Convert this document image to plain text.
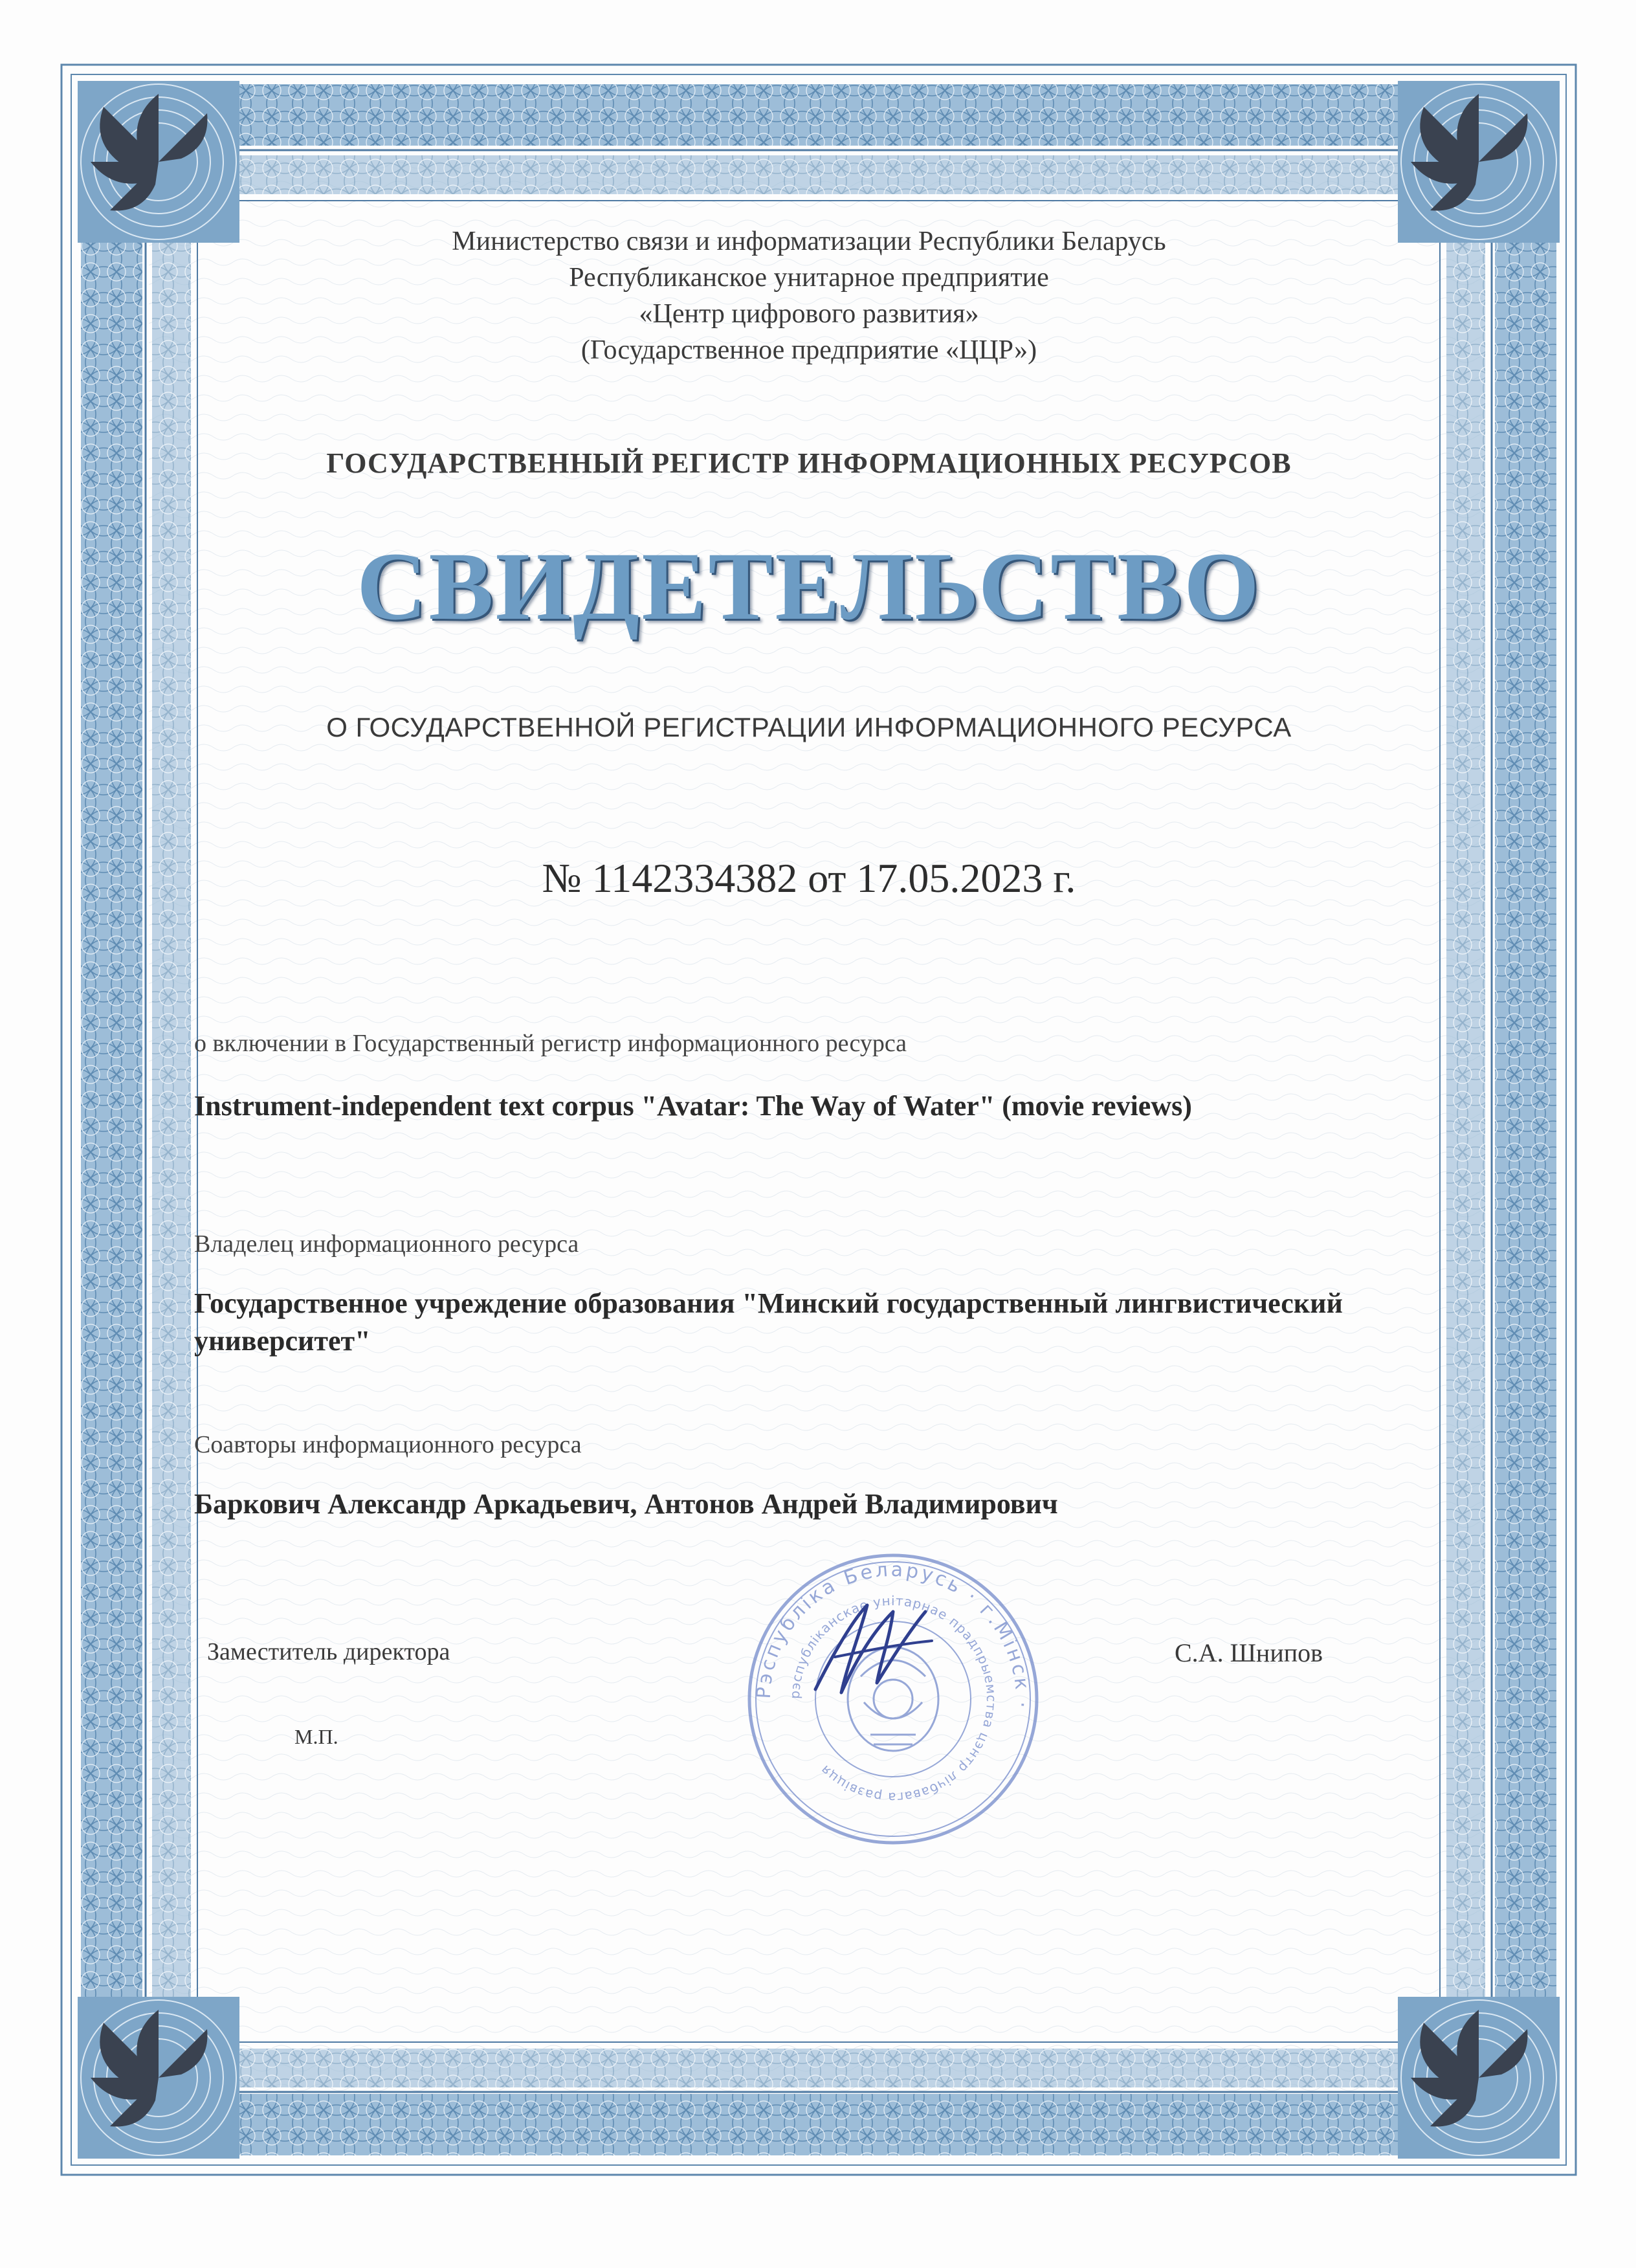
Министерство связи и информатизации Республики Беларусь
Республиканское унитарное предприятие
«Центр цифрового развития»
(Государственное предприятие «ЦЦР»)
ГОСУДАРСТВЕННЫЙ РЕГИСТР ИНФОРМАЦИОННЫХ РЕСУРСОВ
СВИДЕТЕЛЬСТВО
О ГОСУДАРСТВЕННОЙ РЕГИСТРАЦИИ ИНФОРМАЦИОННОГО РЕСУРСА
№ 1142334382 от 17.05.2023 г.
о включении в Государственный регистр информационного ресурса
Instrument-independent text corpus "Avatar: The Way of Water" (movie reviews)
Владелец информационного ресурса
Государственное учреждение образования "Минский государственный лингвистический университет"
Соавторы информационного ресурса
Баркович Александр Аркадьевич, Антонов Андрей Владимирович
Заместитель директора
М.П.
С.А. Шнипов
Рэспубліка Беларусь · г.Мінск ·
рэспубліканскае унітарнае прадпрыемства цэнтр лічбавага развіцця
